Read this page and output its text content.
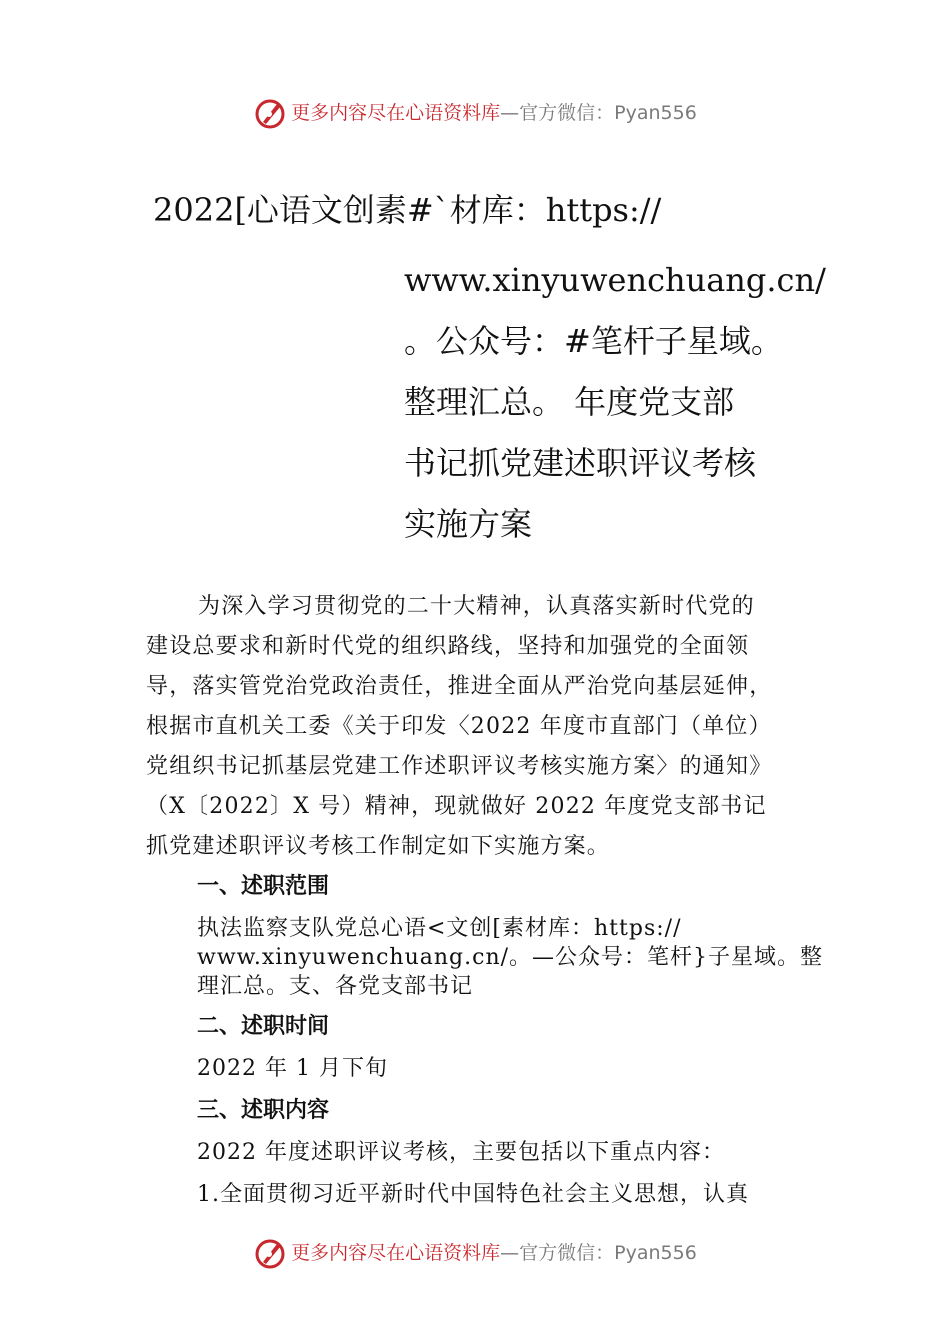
更多内容尽在心语资料库 —官方微信：Pyan556
2022[心语文创素#`材库：https://
www.xinyuwenchuang.cn/
。公众号：#笔杆子星域。
整理汇总。 年度党支部
书记抓党建述职评议考核
实施方案
为深入学习贯彻党的二十大精神，认真落实新时代党的
建设总要求和新时代党的组织路线，坚持和加强党的全面领
导，落实管党治党政治责任，推进全面从严治党向基层延伸，
根据市直机关工委《关于印发〈2022 年度市直部门（单位）
党组织书记抓基层党建工作述职评议考核实施方案〉的通知》
（X〔2022〕X 号）精神，现就做好 2022 年度党支部书记
抓党建述职评议考核工作制定如下实施方案。
一、述职范围
执法监察支队党总心语<文创[素材库：https://
www.xinyuwenchuang.cn/。—公众号：笔杆}子星域。整
理汇总。支、各党支部书记
二、述职时间
2022 年 1 月下旬
三、述职内容
2022 年度述职评议考核，主要包括以下重点内容：
1.全面贯彻习近平新时代中国特色社会主义思想，认真
更多内容尽在心语资料库 —官方微信：Pyan556
